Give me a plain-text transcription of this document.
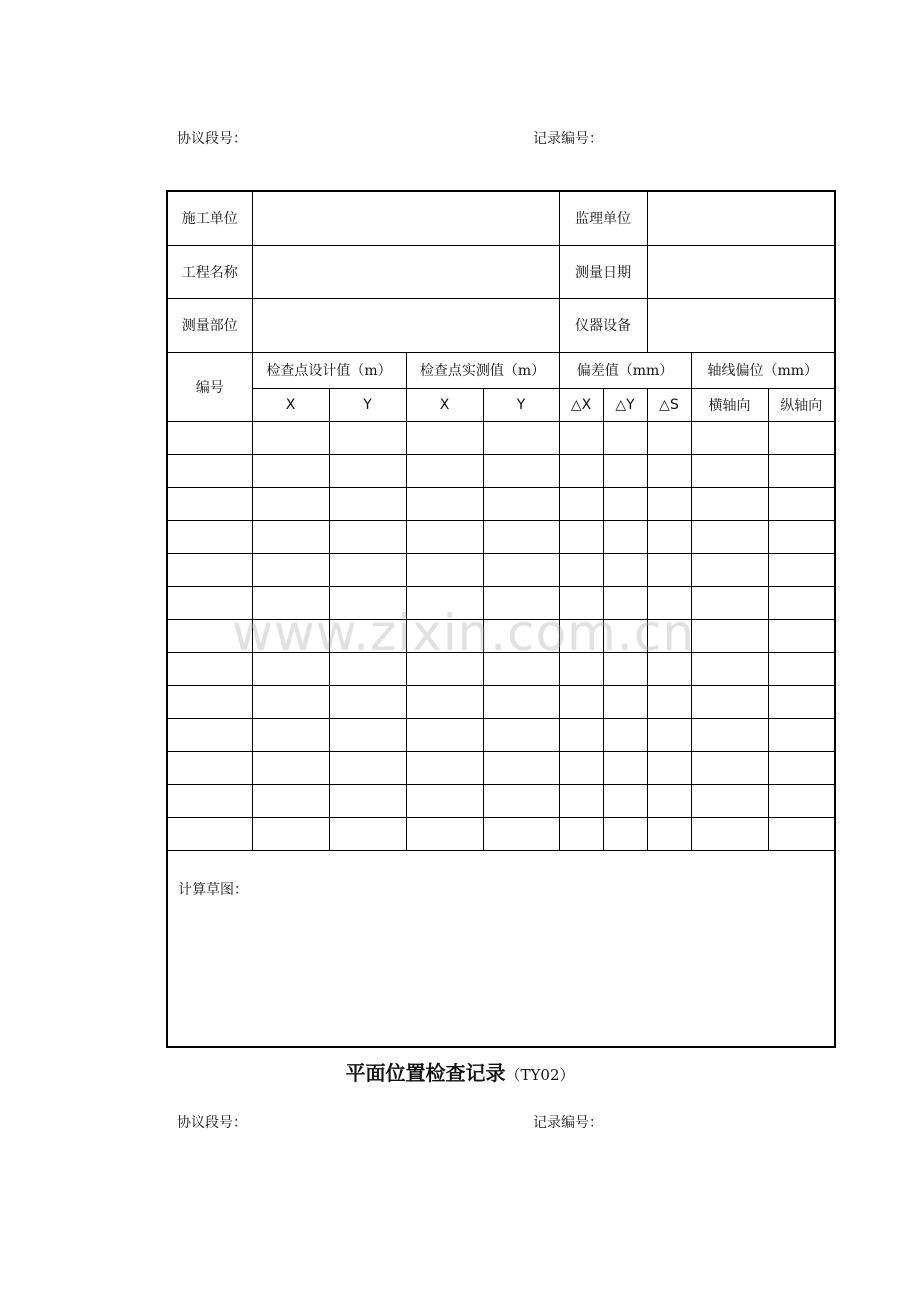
协议段号：	记录编号：
施工单位					监理单位				
工程名称					测量日期				
测量部位					仪器设备				
编号	检查点设计值（m）		检查点实测值（m）		偏差值（mm）			轴线偏位（mm）	
	X	Y	X	Y	△X	△Y	△S	横轴向	纵轴向

计算草图：									
www.zixin.com.cn
平面位置检查记录（TY02）
协议段号：	记录编号：
